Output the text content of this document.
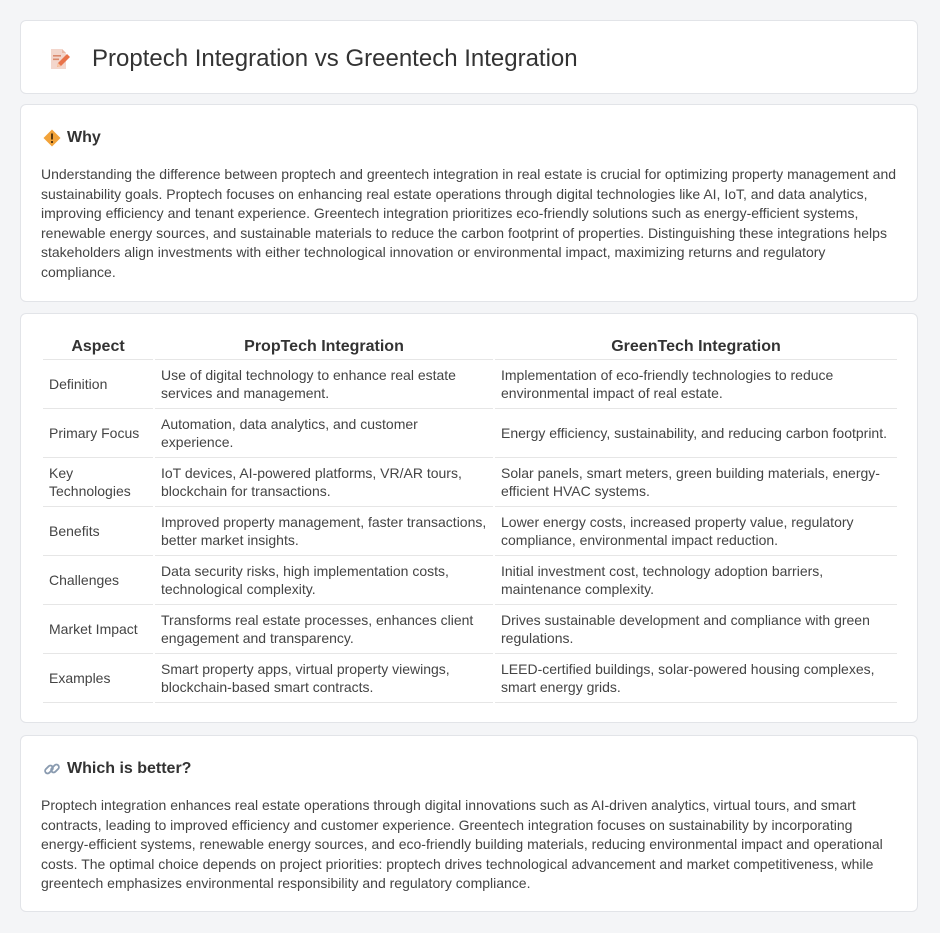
Proptech Integration vs Greentech Integration
Why

Understanding the difference between proptech and greentech integration in real estate is crucial for optimizing property management and sustainability goals. Proptech focuses on enhancing real estate operations through digital technologies like AI, IoT, and data analytics, improving efficiency and tenant experience. Greentech integration prioritizes eco-friendly solutions such as energy-efficient systems, renewable energy sources, and sustainable materials to reduce the carbon footprint of properties. Distinguishing these integrations helps stakeholders align investments with either technological innovation or environmental impact, maximizing returns and regulatory compliance.

Aspect	PropTech Integration	GreenTech Integration
Definition	Use of digital technology to enhance real estate services and management.	Implementation of eco-friendly technologies to reduce environmental impact of real estate.
Primary Focus	Automation, data analytics, and customer experience.	Energy efficiency, sustainability, and reducing carbon footprint.
Key Technologies	IoT devices, AI-powered platforms, VR/AR tours, blockchain for transactions.	Solar panels, smart meters, green building materials, energy-efficient HVAC systems.
Benefits	Improved property management, faster transactions, better market insights.	Lower energy costs, increased property value, regulatory compliance, environmental impact reduction.
Challenges	Data security risks, high implementation costs, technological complexity.	Initial investment cost, technology adoption barriers, maintenance complexity.
Market Impact	Transforms real estate processes, enhances client engagement and transparency.	Drives sustainable development and compliance with green regulations.
Examples	Smart property apps, virtual property viewings, blockchain-based smart contracts.	LEED-certified buildings, solar-powered housing complexes, smart energy grids.
Which is better?

Proptech integration enhances real estate operations through digital innovations such as AI-driven analytics, virtual tours, and smart contracts, leading to improved efficiency and customer experience. Greentech integration focuses on sustainability by incorporating energy-efficient systems, renewable energy sources, and eco-friendly building materials, reducing environmental impact and operational costs. The optimal choice depends on project priorities: proptech drives technological advancement and market competitiveness, while greentech emphasizes environmental responsibility and regulatory compliance.
